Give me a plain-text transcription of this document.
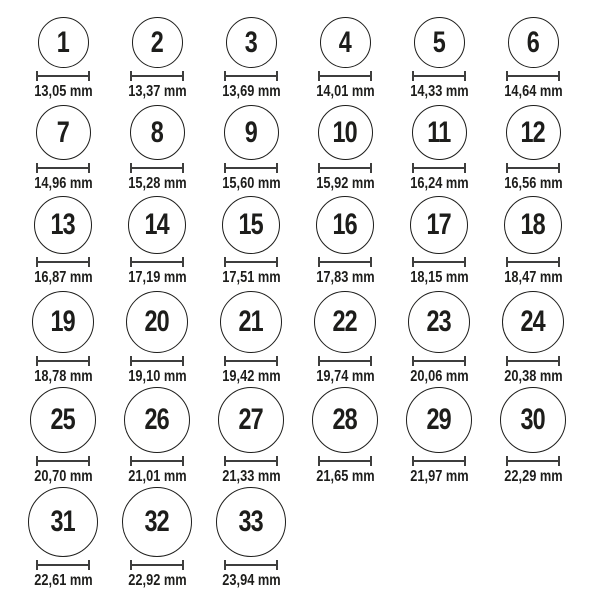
1
13,05 mm
2
13,37 mm
3
13,69 mm
4
14,01 mm
5
14,33 mm
6
14,64 mm
7
14,96 mm
8
15,28 mm
9
15,60 mm
10
15,92 mm
11
16,24 mm
12
16,56 mm
13
16,87 mm
14
17,19 mm
15
17,51 mm
16
17,83 mm
17
18,15 mm
18
18,47 mm
19
18,78 mm
20
19,10 mm
21
19,42 mm
22
19,74 mm
23
20,06 mm
24
20,38 mm
25
20,70 mm
26
21,01 mm
27
21,33 mm
28
21,65 mm
29
21,97 mm
30
22,29 mm
31
22,61 mm
32
22,92 mm
33
23,94 mm
